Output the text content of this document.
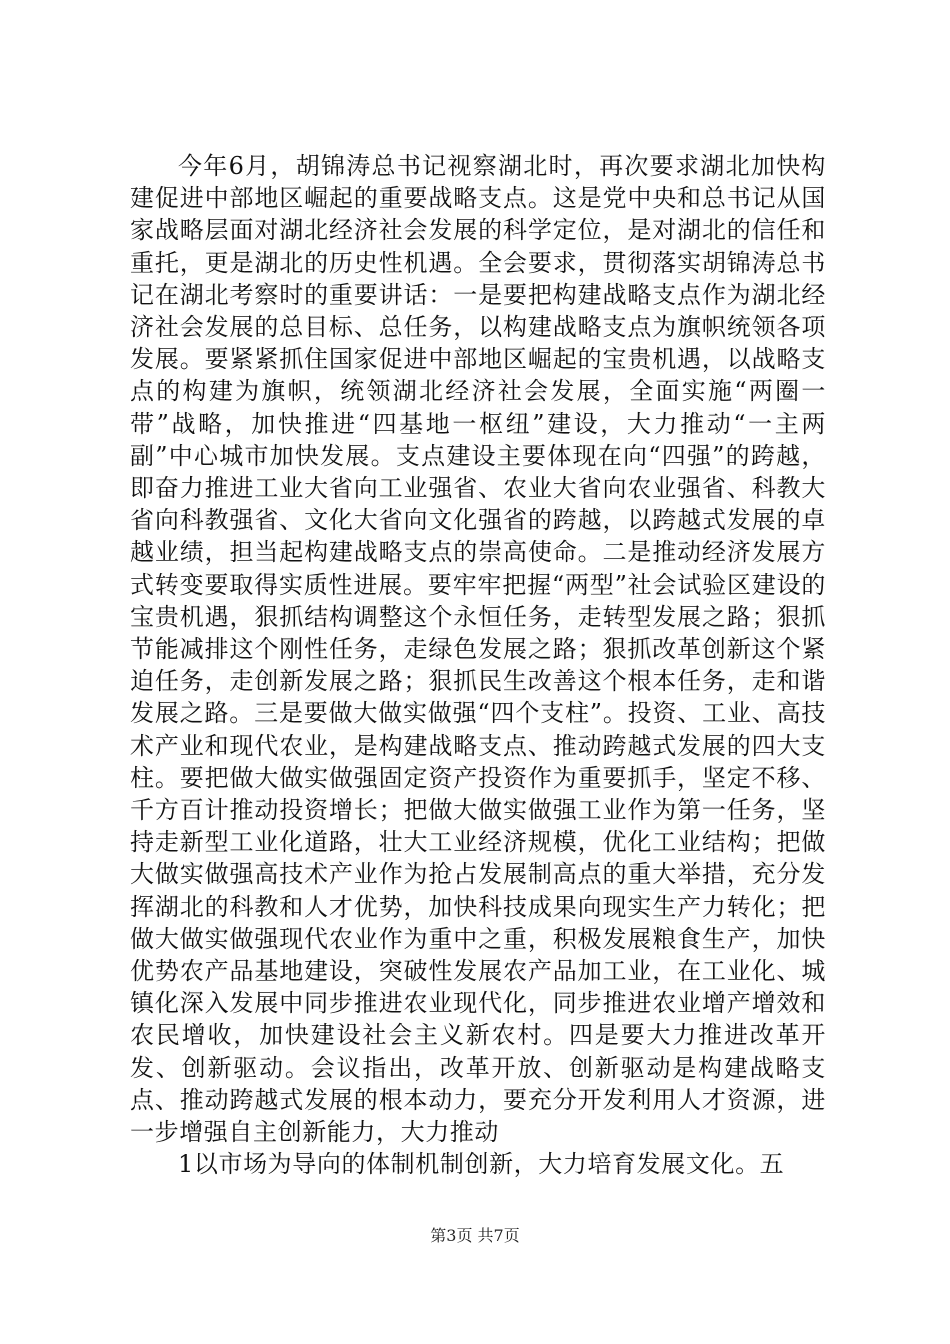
今年6月，胡锦涛总书记视察湖北时，再次要求湖北加快构建促进中部地区崛起的重要战略支点。这是党中央和总书记从国家战略层面对湖北经济社会发展的科学定位，是对湖北的信任和重托，更是湖北的历史性机遇。全会要求，贯彻落实胡锦涛总书记在湖北考察时的重要讲话：一是要把构建战略支点作为湖北经济社会发展的总目标、总任务，以构建战略支点为旗帜统领各项发展。要紧紧抓住国家促进中部地区崛起的宝贵机遇，以战略支点的构建为旗帜，统领湖北经济社会发展，全面实施“两圈一带”战略，加快推进“四基地一枢纽”建设，大力推动“一主两副”中心城市加快发展。支点建设主要体现在向“四强”的跨越，即奋力推进工业大省向工业强省、农业大省向农业强省、科教大省向科教强省、文化大省向文化强省的跨越，以跨越式发展的卓越业绩，担当起构建战略支点的崇高使命。二是推动经济发展方式转变要取得实质性进展。要牢牢把握“两型”社会试验区建设的宝贵机遇，狠抓结构调整这个永恒任务，走转型发展之路；狠抓节能减排这个刚性任务，走绿色发展之路；狠抓改革创新这个紧迫任务，走创新发展之路；狠抓民生改善这个根本任务，走和谐发展之路。三是要做大做实做强“四个支柱”。投资、工业、高技术产业和现代农业，是构建战略支点、推动跨越式发展的四大支柱。要把做大做实做强固定资产投资作为重要抓手，坚定不移、千方百计推动投资增长；把做大做实做强工业作为第一任务，坚持走新型工业化道路，壮大工业经济规模，优化工业结构；把做大做实做强高技术产业作为抢占发展制高点的重大举措，充分发挥湖北的科教和人才优势，加快科技成果向现实生产力转化；把做大做实做强现代农业作为重中之重，积极发展粮食生产，加快优势农产品基地建设，突破性发展农产品加工业，在工业化、城镇化深入发展中同步推进农业现代化，同步推进农业增产增效和农民增收，加快建设社会主义新农村。四是要大力推进改革开发、创新驱动。会议指出，改革开放、创新驱动是构建战略支点、推动跨越式发展的根本动力，要充分开发利用人才资源，进一步增强自主创新能力，大力推动

1以市场为导向的体制机制创新，大力培育发展文化。五

第3页 共7页
